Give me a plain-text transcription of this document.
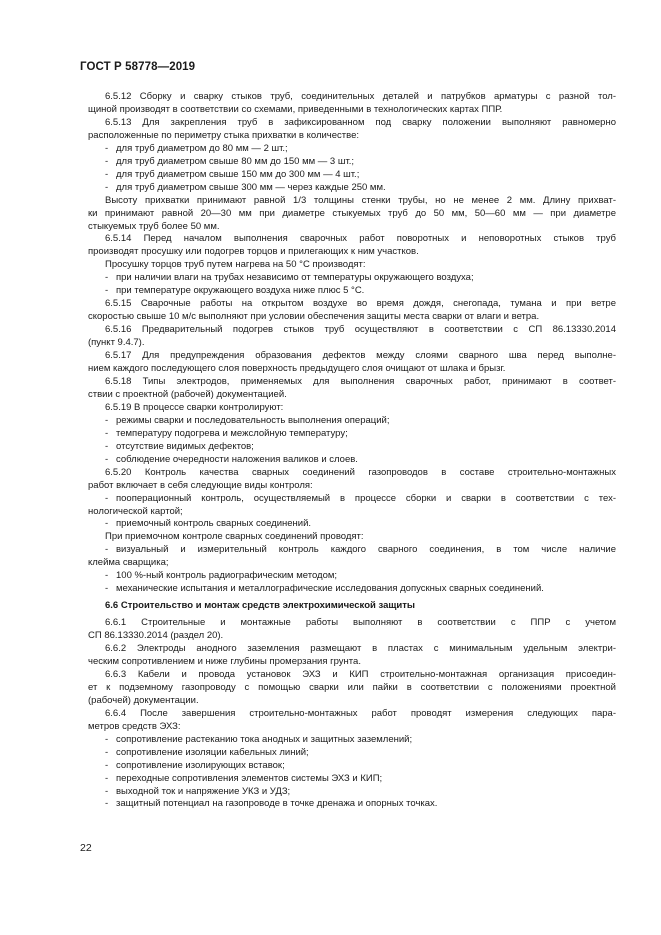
ГОСТ Р 58778—2019
6.5.12 Сборку и сварку стыков труб, соединительных деталей и патрубков арматуры с разной тол-
щиной производят в соответствии со схемами, приведенными в технологических картах ППР.
6.5.13 Для закрепления труб в зафиксированном под сварку положении выполняют равномерно
расположенные по периметру стыка прихватки в количестве:
- для труб диаметром до 80 мм — 2 шт.;
- для труб диаметром свыше 80 мм до 150 мм — 3 шт.;
- для труб диаметром свыше 150 мм до 300 мм — 4 шт.;
- для труб диаметром свыше 300 мм — через каждые 250 мм.
Высоту прихватки принимают равной 1/3 толщины стенки трубы, но не менее 2 мм. Длину прихват-
ки принимают равной 20—30 мм при диаметре стыкуемых труб до 50 мм, 50—60 мм — при диаметре
стыкуемых труб более 50 мм.
6.5.14 Перед началом выполнения сварочных работ поворотных и неповоротных стыков труб
производят просушку или подогрев торцов и прилегающих к ним участков.
Просушку торцов труб путем нагрева на 50 °С производят:
- при наличии влаги на трубах независимо от температуры окружающего воздуха;
- при температуре окружающего воздуха ниже плюс 5 °С.
6.5.15 Сварочные работы на открытом воздухе во время дождя, снегопада, тумана и при ветре
скоростью свыше 10 м/с выполняют при условии обеспечения защиты места сварки от влаги и ветра.
6.5.16 Предварительный подогрев стыков труб осуществляют в соответствии с СП 86.13330.2014
(пункт 9.4.7).
6.5.17 Для предупреждения образования дефектов между слоями сварного шва перед выполне-
нием каждого последующего слоя поверхность предыдущего слоя очищают от шлака и брызг.
6.5.18 Типы электродов, применяемых для выполнения сварочных работ, принимают в соответ-
ствии с проектной (рабочей) документацией.
6.5.19 В процессе сварки контролируют:
- режимы сварки и последовательность выполнения операций;
- температуру подогрева и межслойную температуру;
- отсутствие видимых дефектов;
- соблюдение очередности наложения валиков и слоев.
6.5.20 Контроль качества сварных соединений газопроводов в составе строительно-монтажных
работ включает в себя следующие виды контроля:
- пооперационный контроль, осуществляемый в процессе сборки и сварки в соответствии с тех-
нологической картой;
- приемочный контроль сварных соединений.
При приемочном контроле сварных соединений проводят:
- визуальный и измерительный контроль каждого сварного соединения, в том числе наличие
клейма сварщика;
- 100 %-ный контроль радиографическим методом;
- механические испытания и металлографические исследования допускных сварных соединений.
6.6 Строительство и монтаж средств электрохимической защиты
6.6.1 Строительные и монтажные работы выполняют в соответствии с ППР с учетом
СП 86.13330.2014 (раздел 20).
6.6.2 Электроды анодного заземления размещают в пластах с минимальным удельным электри-
ческим сопротивлением и ниже глубины промерзания грунта.
6.6.3 Кабели и провода установок ЭХЗ и КИП строительно-монтажная организация присоедин-
ет к подземному газопроводу с помощью сварки или пайки в соответствии с положениями проектной
(рабочей) документации.
6.6.4 После завершения строительно-монтажных работ проводят измерения следующих пара-
метров средств ЭХЗ:
- сопротивление растеканию тока анодных и защитных заземлений;
- сопротивление изоляции кабельных линий;
- сопротивление изолирующих вставок;
- переходные сопротивления элементов системы ЭХЗ и КИП;
- выходной ток и напряжение УКЗ и УДЗ;
- защитный потенциал на газопроводе в точке дренажа и опорных точках.
22
